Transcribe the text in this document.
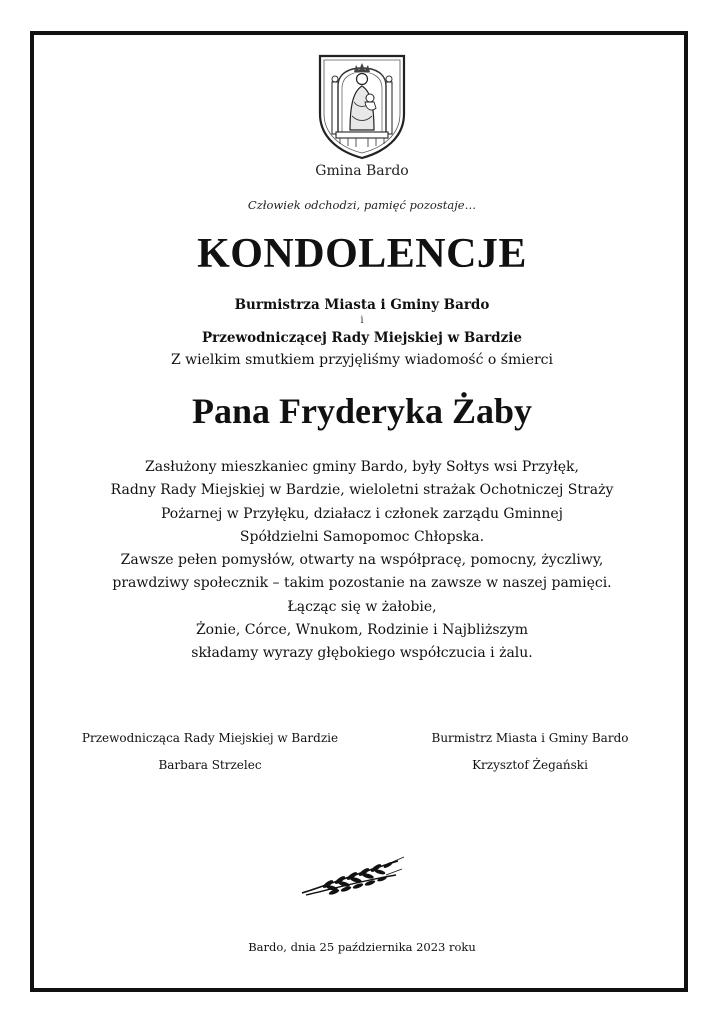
Gmina Bardo
Człowiek odchodzi, pamięć pozostaje…
KONDOLENCJE
Burmistrza Miasta i Gminy Bardo
i
Przewodniczącej Rady Miejskiej w Bardzie
Z wielkim smutkiem przyjęliśmy wiadomość o śmierci
Pana Fryderyka Żaby
Zasłużony mieszkaniec gminy Bardo, były Sołtys wsi Przyłęk,
Radny Rady Miejskiej w Bardzie, wieloletni strażak Ochotniczej Straży
Pożarnej w Przyłęku, działacz i członek zarządu Gminnej
Spółdzielni Samopomoc Chłopska.
Zawsze pełen pomysłów, otwarty na współpracę, pomocny, życzliwy,
prawdziwy społecznik – takim pozostanie na zawsze w naszej pamięci.
Łącząc się w żałobie,
Żonie, Córce, Wnukom, Rodzinie i Najbliższym
składamy wyrazy głębokiego współczucia i żalu.
Przewodnicząca Rady Miejskiej w Bardzie
Barbara Strzelec
Burmistrz Miasta i Gminy Bardo
Krzysztof Żegański
Bardo, dnia 25 października 2023 roku
